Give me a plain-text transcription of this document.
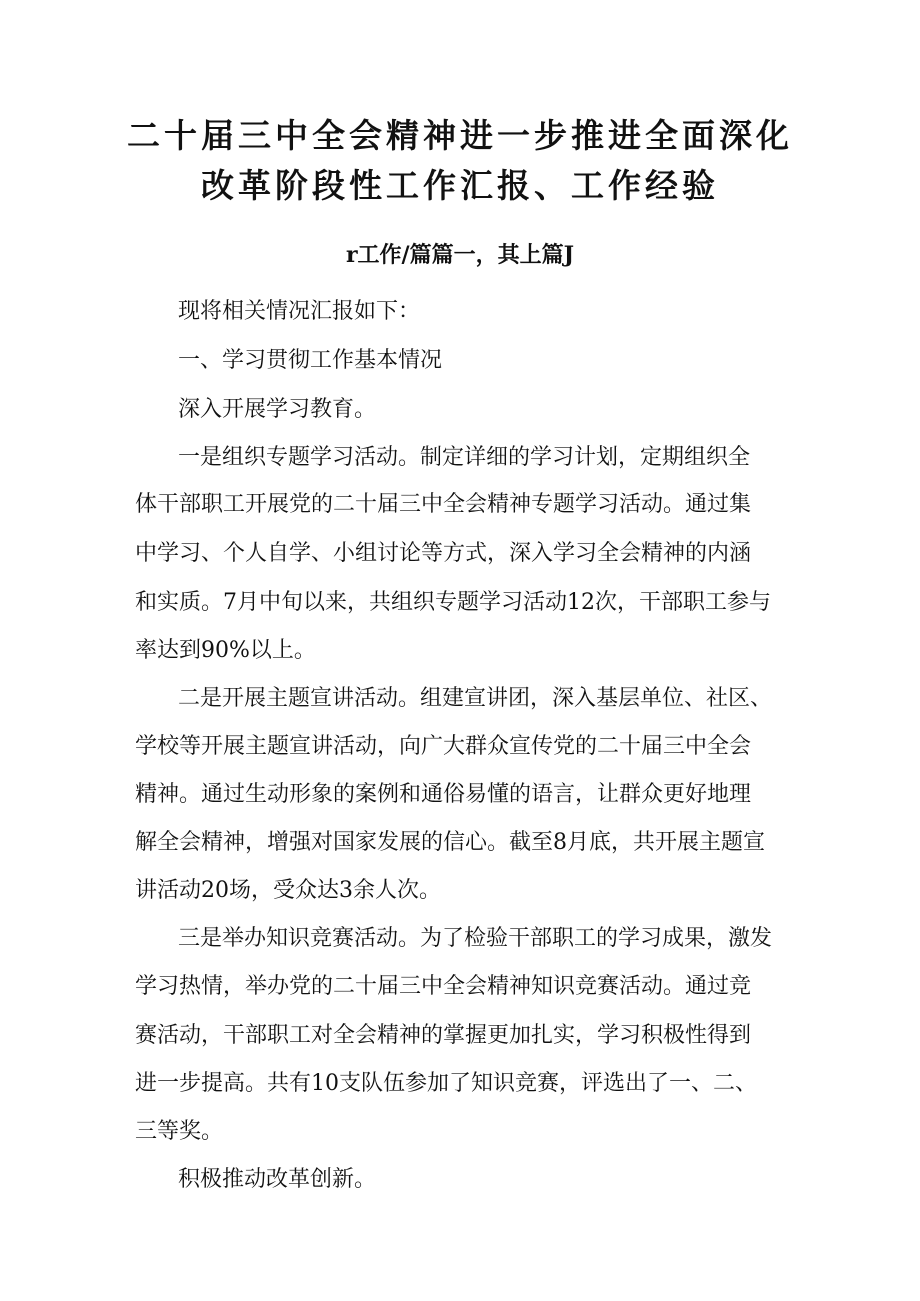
二十届三中全会精神进一步推进全面深化
改革阶段性工作汇报、工作经验
r工作/篇篇一，其上篇J
现将相关情况汇报如下：
一、学习贯彻工作基本情况
深入开展学习教育。
一是组织专题学习活动。制定详细的学习计划，定期组织全
体干部职工开展党的二十届三中全会精神专题学习活动。通过集
中学习、个人自学、小组讨论等方式，深入学习全会精神的内涵
和实质。7月中旬以来，共组织专题学习活动12次，干部职工参与
率达到90%以上。
二是开展主题宣讲活动。组建宣讲团，深入基层单位、社区、
学校等开展主题宣讲活动，向广大群众宣传党的二十届三中全会
精神。通过生动形象的案例和通俗易懂的语言，让群众更好地理
解全会精神，增强对国家发展的信心。截至8月底，共开展主题宣
讲活动20场，受众达3余人次。
三是举办知识竞赛活动。为了检验干部职工的学习成果，激发
学习热情，举办党的二十届三中全会精神知识竞赛活动。通过竞
赛活动，干部职工对全会精神的掌握更加扎实，学习积极性得到
进一步提高。共有10支队伍参加了知识竞赛，评选出了一、二、
三等奖。
积极推动改革创新。
